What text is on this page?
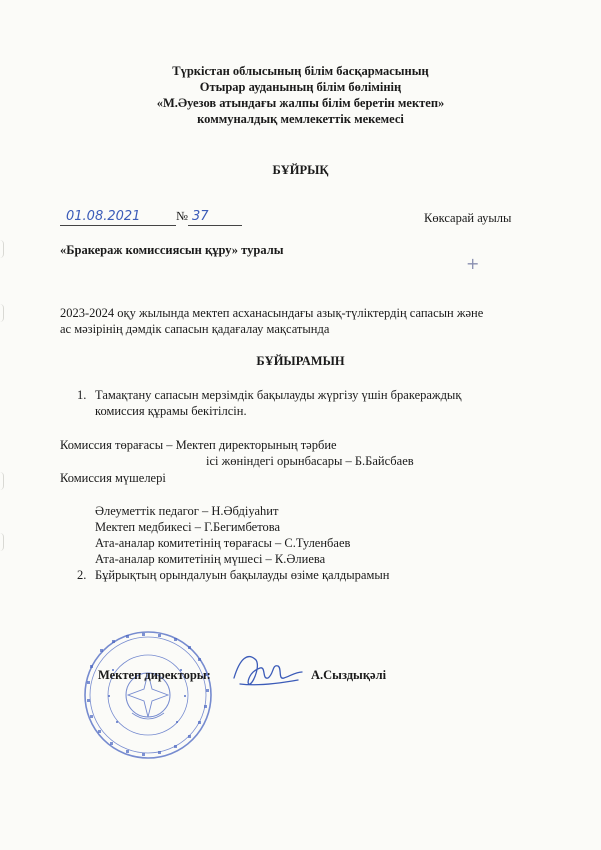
Түркістан облысының білім басқармасының
Отырар ауданының білім бөлімінің
«М.Әуезов атындағы жалпы білім беретін мектеп»
коммуналдық мемлекеттік мекемесі
БҰЙРЫҚ
01.08.2021	№ 37	Көксарай ауылы
«Бракераж комиссиясын құру» туралы
+
2023-2024 оқу жылында мектеп асханасындағы азық-түліктердің сапасын және
ас мәзірінің дәмдік сапасын қадағалау мақсатында
БҰЙЫРАМЫН
1. Тамақтану сапасын мерзімдік бақылауды жүргізу үшін бракераждық
комиссия құрамы бекітілсін.
Комиссия төрағасы – Мектеп директорының тәрбие
ісі жөніндегі орынбасары – Б.Байсбаев
Комиссия мүшелері
Әлеуметтік педагог – Н.Әбдіуаһит
Мектеп медбикесі – Г.Бегимбетова
Ата-аналар комитетінің төрағасы – С.Туленбаев
Ата-аналар комитетінің мүшесі – К.Әлиева
2. Бұйрықтың орындалуын бақылауды өзіме қалдырамын
Мектеп директоры:	А.Сыздықәлі
